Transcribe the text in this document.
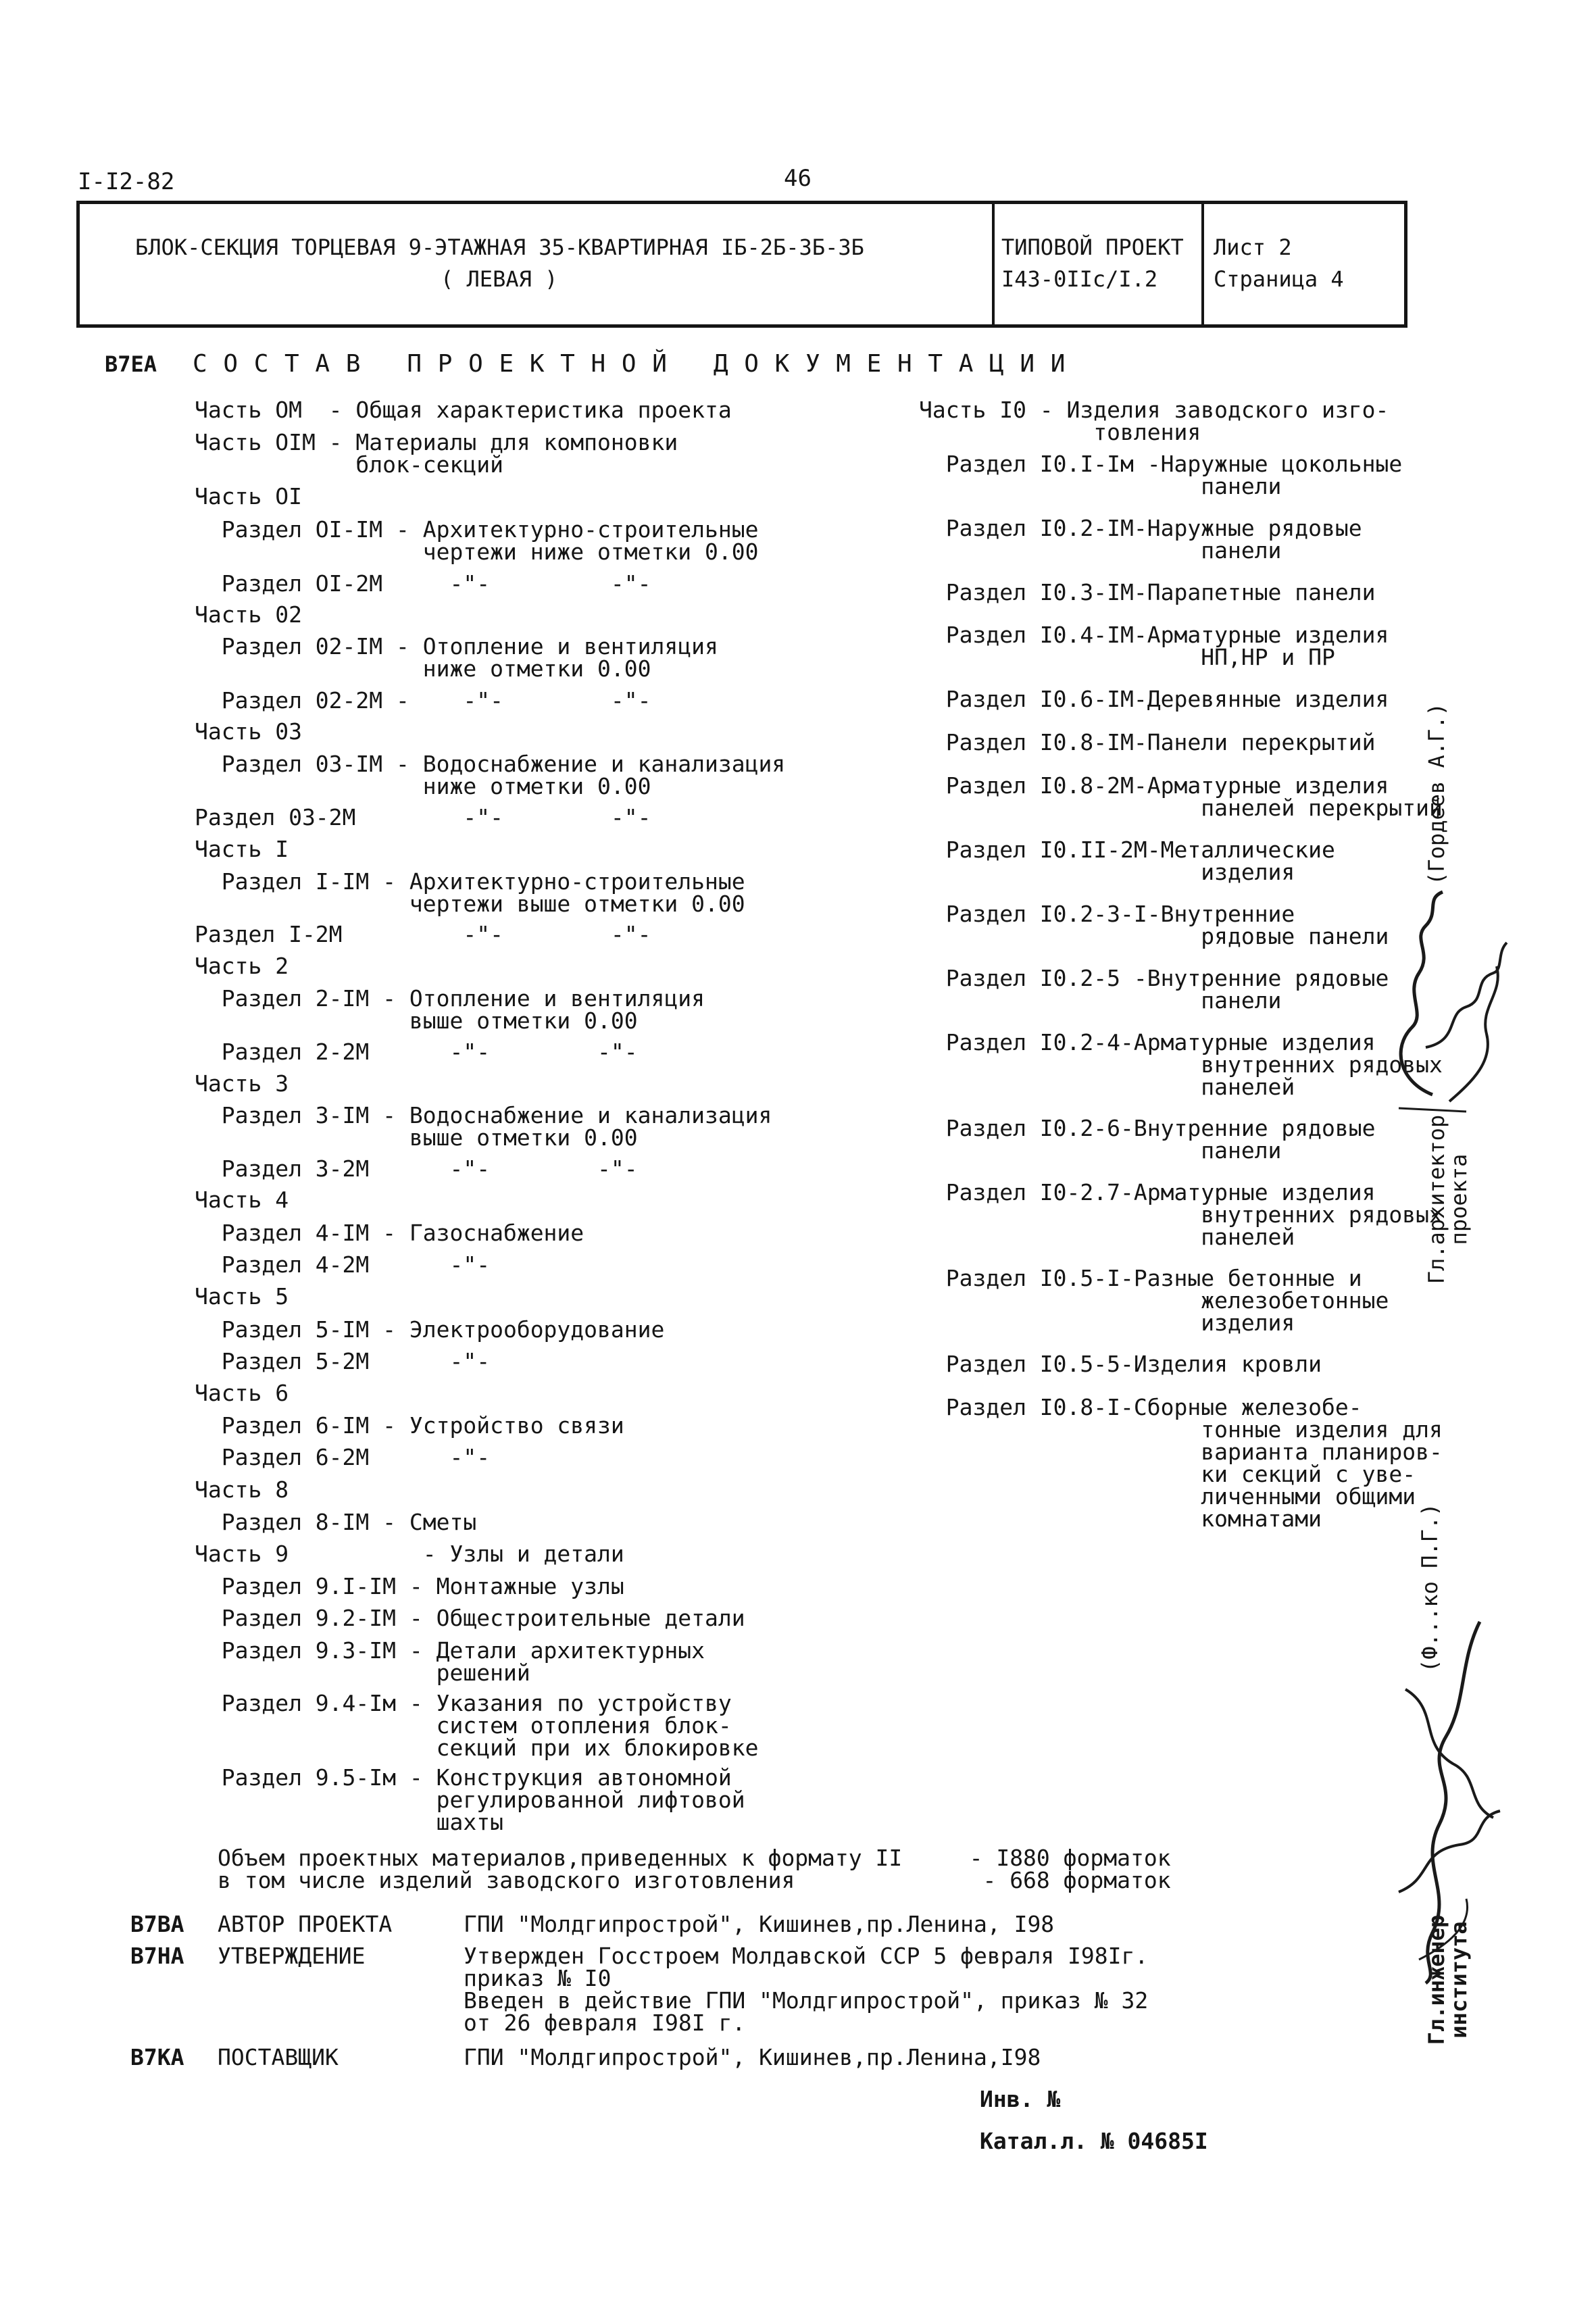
I-I2-82	46
БЛОК-СЕКЦИЯ ТОРЦЕВАЯ 9-ЭТАЖНАЯ 35-КВАРТИРНАЯ IБ-2Б-3Б-3Б
( ЛЕВАЯ )
ТИПОВОЙ ПРОЕКТ
I43-0IIс/I.2
Лист 2
Страница 4
В7ЕА С О С Т А В   П Р О Е К Т Н О Й   Д О К У М Е Н Т А Ц И И
Часть ОМ  - Общая характеристика проекта
Часть ОIМ - Материалы для компоновки
блок-секций
Часть ОI
Раздел ОI-IМ - Архитектурно-строительные
чертежи ниже отметки 0.00
Раздел ОI-2М     -"-         -"-
Часть 02
Раздел 02-IМ - Отопление и вентиляция
ниже отметки 0.00
Раздел 02-2М -    -"-        -"-
Часть 03
Раздел 03-IМ - Водоснабжение и канализация
ниже отметки 0.00
Раздел 03-2М        -"-        -"-
Часть I
Раздел I-IМ - Архитектурно-строительные
чертежи выше отметки 0.00
Раздел I-2М         -"-        -"-
Часть 2
Раздел 2-IМ - Отопление и вентиляция
выше отметки 0.00
Раздел 2-2М      -"-        -"-
Часть 3
Раздел 3-IМ - Водоснабжение и канализация
выше отметки 0.00
Раздел 3-2М      -"-        -"-
Часть 4
Раздел 4-IМ - Газоснабжение
Раздел 4-2М      -"-
Часть 5
Раздел 5-IМ - Электрооборудование
Раздел 5-2М      -"-
Часть 6
Раздел 6-IМ - Устройство связи
Раздел 6-2М      -"-
Часть 8
Раздел 8-IМ - Сметы
Часть 9          - Узлы и детали
Раздел 9.I-IМ - Монтажные узлы
Раздел 9.2-IМ - Общестроительные детали
Раздел 9.3-IМ - Детали архитектурных
решений
Раздел 9.4-Iм - Указания по устройству
систем отопления блок-
секций при их блокировке
Раздел 9.5-Iм - Конструкция автономной
регулированной лифтовой
шахты
Часть I0 - Изделия заводского изго-
товления
Раздел I0.I-Iм -Наружные цокольные
панели
Раздел I0.2-IМ-Наружные рядовые
панели
Раздел I0.3-IМ-Парапетные панели
Раздел I0.4-IМ-Арматурные изделия
НП,НР и ПР
Раздел I0.6-IМ-Деревянные изделия
Раздел I0.8-IМ-Панели перекрытий
Раздел I0.8-2М-Арматурные изделия
панелей перекрытий
Раздел I0.II-2М-Металлические
изделия
Раздел I0.2-3-I-Внутренние
рядовые панели
Раздел I0.2-5 -Внутренние рядовые
панели
Раздел I0.2-4-Арматурные изделия
внутренних рядовых
панелей
Раздел I0.2-6-Внутренние рядовые
панели
Раздел I0-2.7-Арматурные изделия
внутренних рядовых
панелей
Раздел I0.5-I-Разные бетонные и
железобетонные
изделия
Раздел I0.5-5-Изделия кровли
Раздел I0.8-I-Сборные железобе-
тонные изделия для
варианта планиров-
ки секций с уве-
личенными общими
комнатами
Объем проектных материалов,приведенных к формату II     - I880 форматок
в том числе изделий заводского изготовления              - 668 форматок
В7ВА АВТОР ПРОЕКТА	ГПИ "Молдгипрострой", Кишинев,пр.Ленина, I98
В7НА УТВЕРЖДЕНИЕ	Утвержден Госстроем Молдавской ССР 5 февраля I98Iг.
приказ № I0
Введен в действие ГПИ "Молдгипрострой", приказ № 32
от 26 февраля I98I г.
В7КА ПОСТАВЩИК	ГПИ "Молдгипрострой", Кишинев,пр.Ленина,I98
Инв. №
Катал.л. № 04685I
(Гордеев А.Г.)
Гл.архитектор
проекта
(Ф...ко П.Г.)
Гл.инженер
института
